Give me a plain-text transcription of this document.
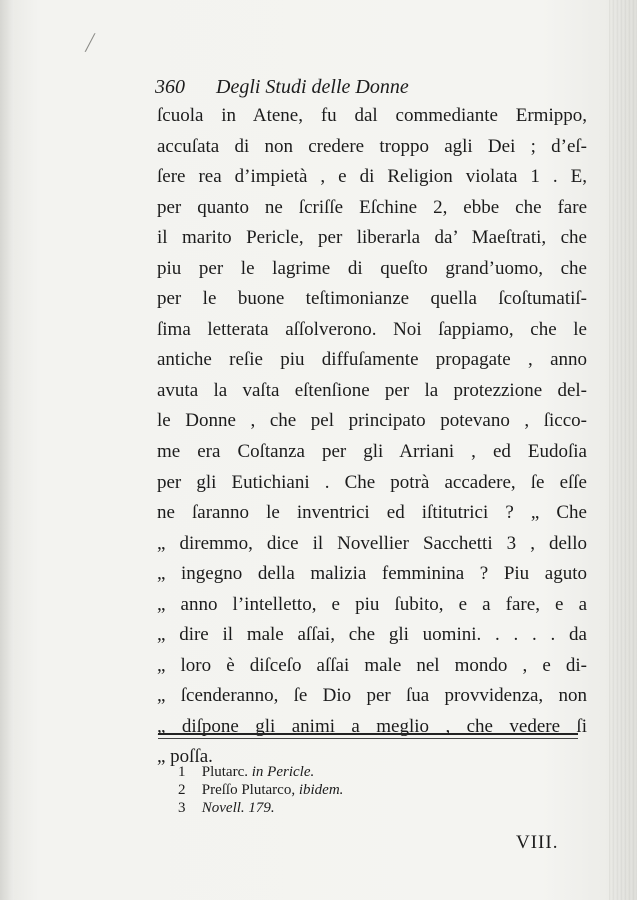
⁄
360 Degli Studi delle Donne
ſcuola in Atene, fu dal commediante Ermippo,
accuſata di non credere troppo agli Dei ; d’eſ-
ſere rea d’impietà , e di Religion violata 1 . E,
per quanto ne ſcriſſe Eſchine 2, ebbe che fare
il marito Pericle, per liberarla da’ Maeſtrati, che
piu per le lagrime di queſto grand’uomo, che
per le buone teſtimonianze quella ſcoſtumatiſ-
ſima letterata aſſolverono. Noi ſappiamo, che le
antiche reſie piu diffuſamente propagate , anno
avuta la vaſta eſtenſione per la protezzione del-
le Donne , che pel principato potevano , ſicco-
me era Coſtanza per gli Arriani , ed Eudoſia
per gli Eutichiani . Che potrà accadere, ſe eſſe
ne ſaranno le inventrici ed iſtitutrici ? „ Che
„ diremmo, dice il Novellier Sacchetti 3 , dello
„ ingegno della malizia femminina ? Piu aguto
„ anno l’intelletto, e piu ſubito, e a fare, e a
„ dire il male aſſai, che gli uomini. . . . . da
„ loro è diſceſo aſſai male nel mondo , e di-
„ ſcenderanno, ſe Dio per ſua provvidenza, non
„ diſpone gli animi a meglio , che vedere ſi
„ poſſa.
1 Plutarc. in Pericle.
2 Preſſo Plutarco, ibidem.
3 Novell. 179.
VIII.
